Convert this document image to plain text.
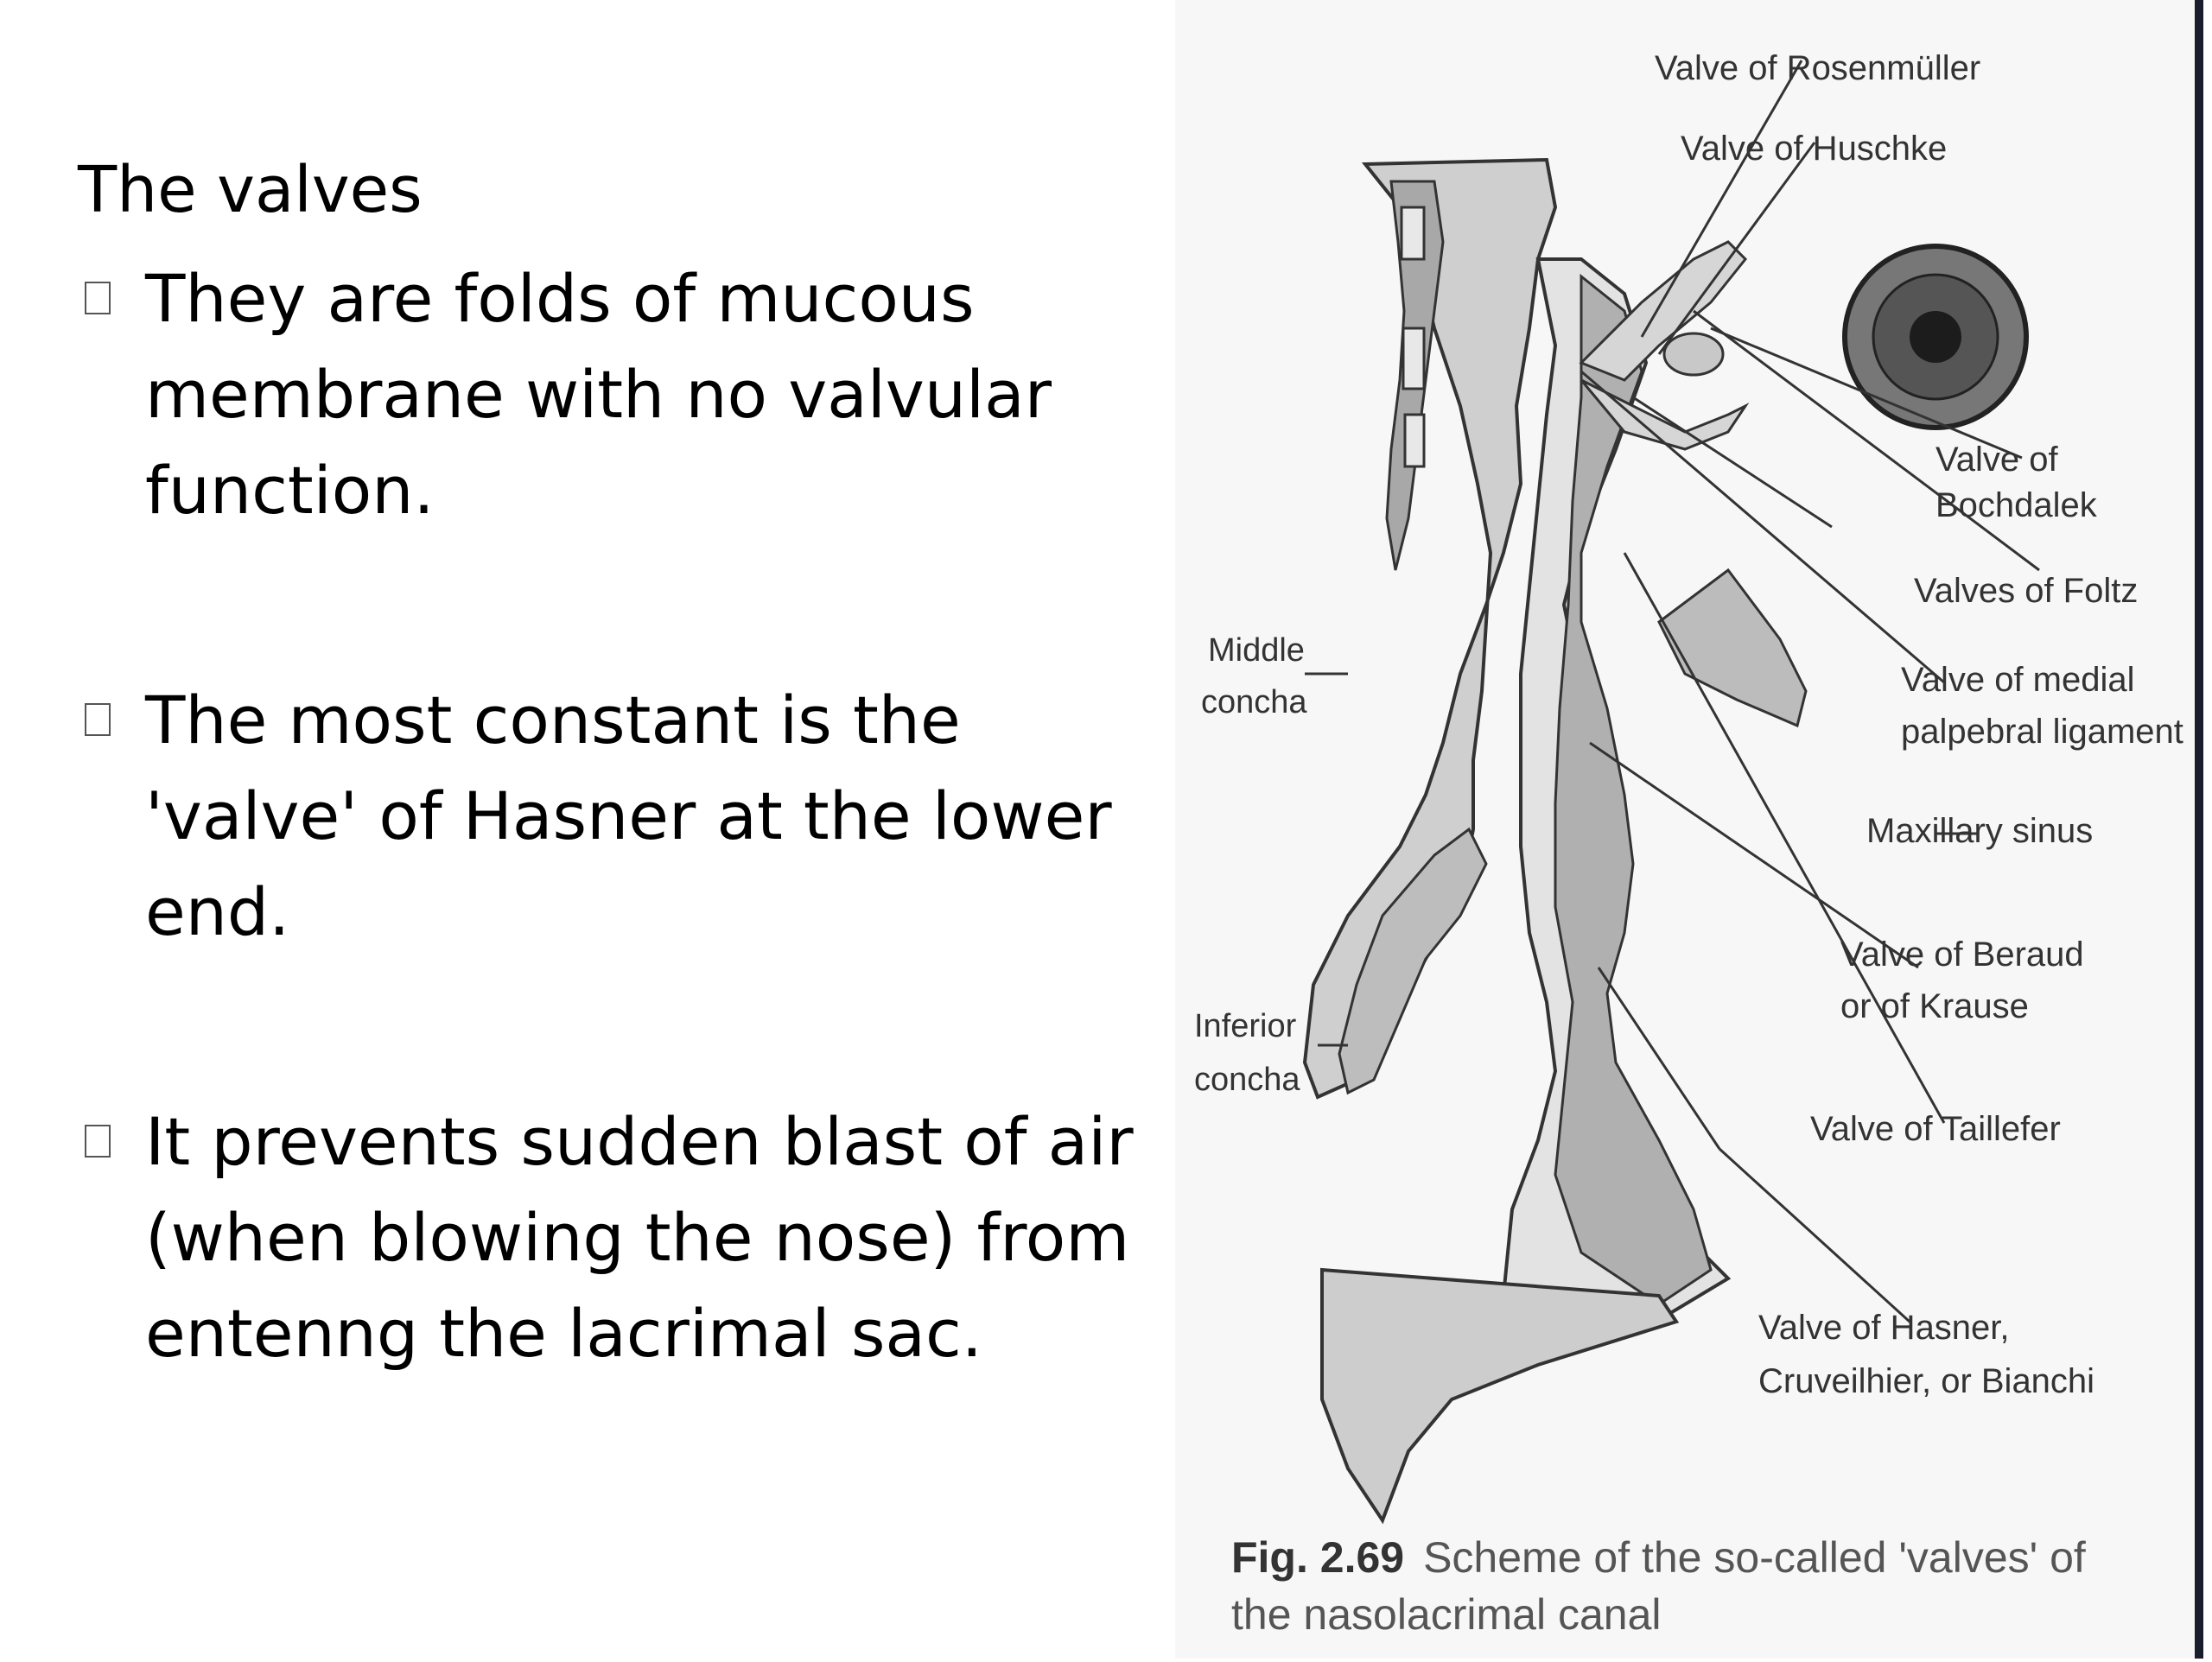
The valves
They are folds of mucous membrane with no valvular function.
The most constant is the 'valve' of Hasner at the lower end.
It prevents sudden blast of air (when blowing the nose) from entenng the lacrimal sac.
Valve of Rosenmüller
Valve of Huschke
Valve of
Bochdalek
Valves of Foltz
Valve of medial
palpebral ligament
Maxillary sinus
Valve of Beraud
or of Krause
Valve of Taillefer
Valve of Hasner,
Cruveilhier, or Bianchi
Middle
concha
Inferior
concha
Fig. 2.69 Scheme of the so-called 'valves' of the nasolacrimal canal
